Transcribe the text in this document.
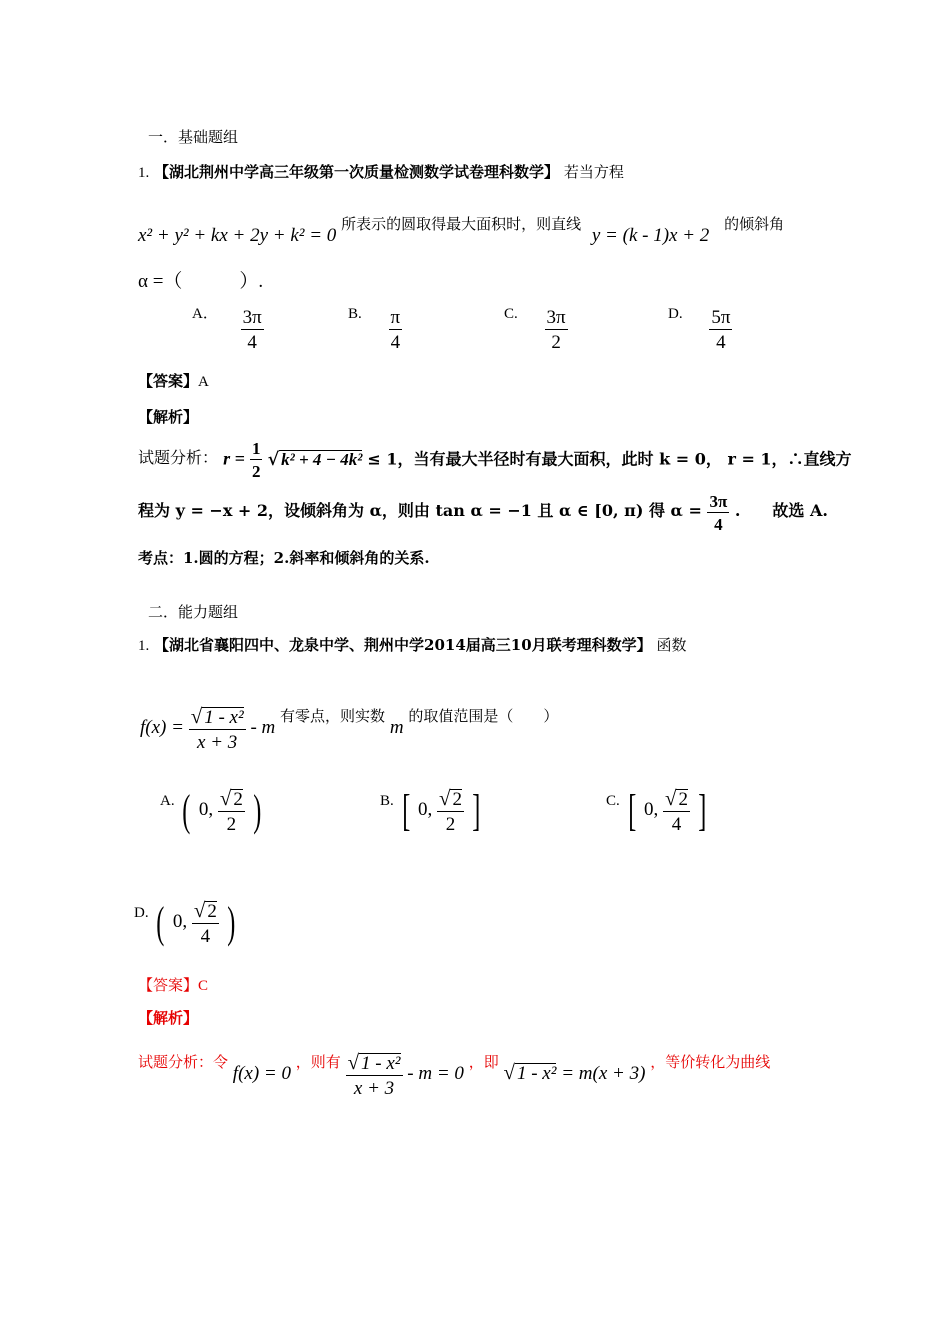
一．基础题组
1. 【湖北荆州中学高三年级第一次质量检测数学试卷理科数学】 若当方程
x² + y² + kx + 2y + k² = 0 所表示的圆取得最大面积时，则直线 y = (k - 1)x + 2 的倾斜角
α =（　　　）.
A． $\frac{3\pi}{4}$	B. $\frac{\pi}{4}$	C. $\frac{3\pi}{2}$	D. $\frac{5\pi}{4}$
【答案】A
【解析】
试题分析： $r = \frac{1}{2}$ √ k² + 4 − 4k² ≤ 1，当有最大半径时有最大面积，此时 k = 0， r = 1，∴直线方
程为 y = −x + 2，设倾斜角为 α，则由 tan α = −1 且 α ∈ [0, π) 得 $\alpha = \frac{3\pi}{4}$ .　　故选 A.
考点：1.圆的方程；2.斜率和倾斜角的关系.
二．能力题组
1. 【湖北省襄阳四中、龙泉中学、荆州中学2014届高三10月联考理科数学】 函数
$f(x) = \frac{\text{√ 1 - x²}}{x + 3} - m$ 有零点，则实数 m 的取值范围是（　　）
A. ( 0, $\frac{√ 2}{2}$ )	B. [ 0, $\frac{√ 2}{2}$ ]	C. [ 0, $\frac{√ 2}{4}$ ]
D. ( 0, $\frac{√ 2}{4}$ )
【答案】C
【解析】
试题分析：令 f(x) = 0 ，则有 $\frac{\text{√ 1 - x²}}{x + 3} - m = 0$ ，即 √ 1 - x² = m(x + 3) ，等价转化为曲线
